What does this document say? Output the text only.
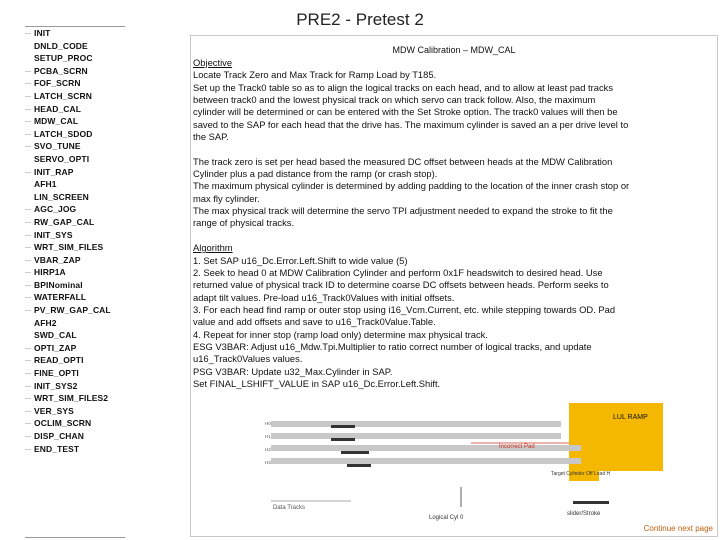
PRE2 - Pretest 2
... INIT
DNLD_CODE
SETUP_PROC
... PCBA_SCRN
... FOF_SCRN
... LATCH_SCRN
... HEAD_CAL
... MDW_CAL
... LATCH_SDOD
... SVO_TUNE
SERVO_OPTI
... INIT_RAP
AFH1
LIN_SCREEN
... AGC_JOG
... RW_GAP_CAL
... INIT_SYS
... WRT_SIM_FILES
... VBAR_ZAP
... HIRP1A
... BPINominal
... WATERFALL
... PV_RW_GAP_CAL
AFH2
SWD_CAL
... OPTI_ZAP
... READ_OPTI
... FINE_OPTI
... INIT_SYS2
... WRT_SIM_FILES2
... VER_SYS
... OCLIM_SCRN
... DISP_CHAN
... END_TEST
MDW Calibration – MDW_CAL

Objective

Locate Track Zero and Max Track for Ramp Load by T185.
Set up the Track0 table so as to align the logical tracks on each head, and to allow at least pad tracks
between track0 and the lowest physical track on which servo can track follow. Also, the maximum
cylinder will be determined or can be entered with the Set Stroke option. The track0 values will then be
saved to the SAP for each head that the drive has. The maximum cylinder is saved an a per drive level to
the SAP.
The track zero is set per head based the measured DC offset between heads at the MDW Calibration
Cylinder plus a pad distance from the ramp (or crash stop).
The maximum physical cylinder is determined by adding padding to the location of the inner crash stop or
max fly cylinder.
The max physical track will determine the servo TPI adjustment needed to expand the stroke to fit the
range of physical tracks.

Algorithm

1. Set SAP u16_Dc.Error.Left.Shift to wide value (5)
2. Seek to head 0 at MDW Calibration Cylinder and perform 0x1F headswitch to desired head. Use
returned value of physical track ID to determine coarse DC offsets between heads. Perform seeks to
adapt tilt values. Pre-load u16_Track0Values with initial offsets.
3. For each head find ramp or outer stop using i16_Vcm.Current, etc. while stepping towards OD. Pad
value and add offsets and save to u16_Track0Value.Table.
4. Repeat for inner stop (ramp load only) determine max physical track.
ESG V3BAR: Adjust u16_Mdw.Tpi.Multiplier to ratio correct number of logical tracks, and update
u16_Track0Values values.
PSG V3BAR: Update u32_Max.Cylinder in SAP.
Set FINAL_LSHIFT_VALUE in SAP u16_Dc.Error.Left.Shift.
LUL RAMP
H0
H1
H2
H3
Incorrect Pad
Target Cylinder Off Load H
Data Tracks
Logical Cyl 0
slider/Stroke
Continue next page
